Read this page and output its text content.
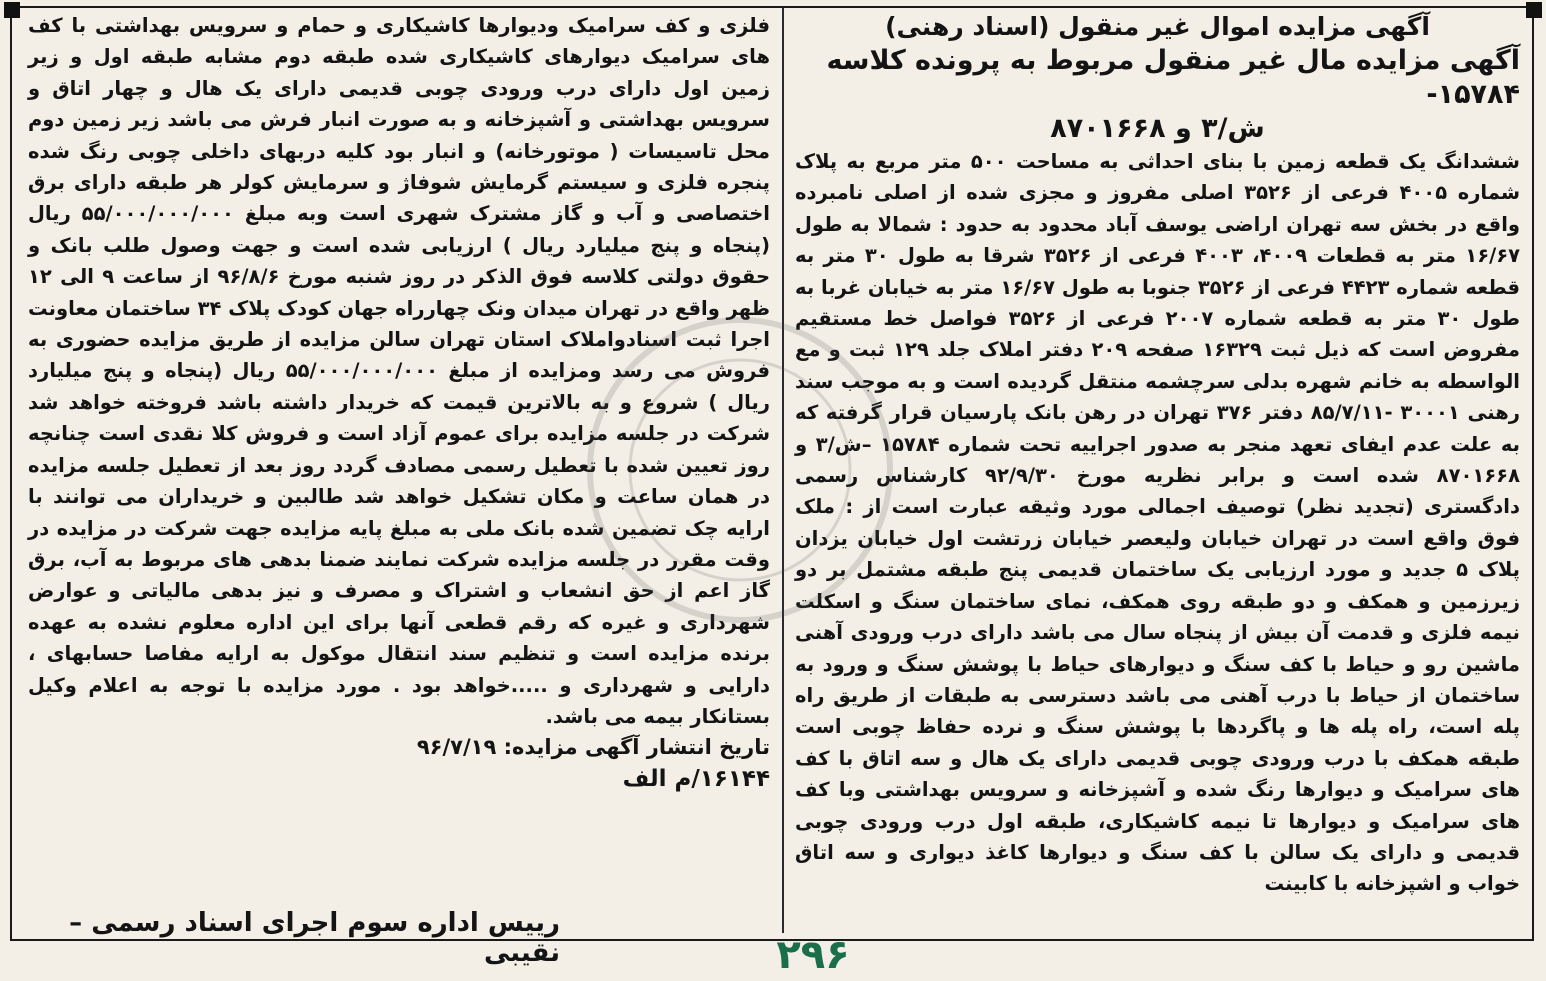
آگهی مزایده اموال غیر منقول (اسناد رهنی)
آگهی مزایده مال غیر منقول مربوط به پرونده کلاسه ۱۵۷۸۴-
ش/۳ و ۸۷۰۱۶۶۸

ششدانگ یک قطعه زمین با بنای احداثی به مساحت ۵۰۰ متر مربع به پلاک شماره ۴۰۰۵ فرعی از ۳۵۲۶ اصلی مفروز و مجزی شده از اصلی نامبرده واقع در بخش سه تهران اراضی یوسف آباد محدود به حدود : شمالا به طول ۱۶/۶۷ متر به قطعات ۴۰۰۹، ۴۰۰۳ فرعی از ۳۵۲۶ شرقا به طول ۳۰ متر به قطعه شماره ۴۴۲۳ فرعی از ۳۵۲۶ جنوبا به طول ۱۶/۶۷ متر به خیابان غربا به طول ۳۰ متر به قطعه شماره ۲۰۰۷ فرعی از ۳۵۲۶ فواصل خط مستقیم مفروض است که ذیل ثبت ۱۶۳۲۹ صفحه ۲۰۹ دفتر املاک جلد ۱۲۹ ثبت و مع الواسطه به خانم شهره بدلی سرچشمه منتقل گردیده است و به موجب سند رهنی ۳۰۰۰۱ -۸۵/۷/۱۱ دفتر ۳۷۶ تهران در رهن بانک پارسیان قرار گرفته که به علت عدم ایفای تعهد منجر به صدور اجراییه تحت شماره ۱۵۷۸۴ –ش/۳ و ۸۷۰۱۶۶۸ شده است و برابر نظریه مورخ ۹۲/۹/۳۰ کارشناس رسمی دادگستری (تجدید نظر) توصیف اجمالی مورد وثیقه عبارت است از : ملک فوق واقع است در تهران خیابان ولیعصر خیابان زرتشت اول خیابان یزدان پلاک ۵ جدید و مورد ارزیابی یک ساختمان قدیمی پنج طبقه مشتمل بر دو زیرزمین و همکف و دو طبقه روی همکف، نمای ساختمان سنگ و اسکلت نیمه فلزی و قدمت آن بیش از پنجاه سال می باشد دارای درب ورودی آهنی ماشین رو و حیاط با کف سنگ و دیوارهای حیاط با پوشش سنگ و ورود به ساختمان از حیاط با درب آهنی می باشد دسترسی به طبقات از طریق راه پله است، راه پله ها و پاگردها با پوشش سنگ و نرده حفاظ چوبی است طبقه همکف با درب ورودی چوبی قدیمی دارای یک هال و سه اتاق با کف های سرامیک و دیوارها رنگ شده و آشپزخانه و سرویس بهداشتی وبا کف های سرامیک و دیوارها تا نیمه کاشیکاری، طبقه اول درب ورودی چوبی قدیمی و دارای یک سالن با کف سنگ و دیوارها کاغذ دیواری و سه اتاق خواب و اشپزخانه با کابینت

فلزی و کف سرامیک ودیوارها کاشیکاری و حمام و سرویس بهداشتی با کف های سرامیک دیوارهای کاشیکاری شده طبقه دوم مشابه طبقه اول و زیر زمین اول دارای درب ورودی چوبی قدیمی دارای یک هال و چهار اتاق و سرویس بهداشتی و آشپزخانه و به صورت انبار فرش می باشد زیر زمین دوم محل تاسیسات ( موتورخانه) و انبار بود کلیه دربهای داخلی چوبی رنگ شده پنجره فلزی و سیستم گرمایش شوفاژ و سرمایش کولر هر طبقه دارای برق اختصاصی و آب و گاز مشترک شهری است وبه مبلغ ۵۵/۰۰۰/۰۰۰/۰۰۰ ریال (پنجاه و پنج میلیارد ریال ) ارزیابی شده است و جهت وصول طلب بانک و حقوق دولتی کلاسه فوق الذکر در روز شنبه مورخ ۹۶/۸/۶ از ساعت ۹ الی ۱۲ ظهر واقع در تهران میدان ونک چهارراه جهان کودک پلاک ۳۴ ساختمان معاونت اجرا ثبت اسنادواملاک استان تهران سالن مزایده از طریق مزایده حضوری به فروش می رسد ومزایده از مبلغ ۵۵/۰۰۰/۰۰۰/۰۰۰ ریال (پنجاه و پنج میلیارد ریال ) شروع و به بالاترین قیمت که خریدار داشته باشد فروخته خواهد شد شرکت در جلسه مزایده برای عموم آزاد است و فروش کلا نقدی است چنانچه روز تعیین شده با تعطیل رسمی مصادف گردد روز بعد از تعطیل جلسه مزایده در همان ساعت و مکان تشکیل خواهد شد طالبین و خریداران می توانند با ارایه چک تضمین شده بانک ملی به مبلغ پایه مزایده جهت شرکت در مزایده در وقت مقرر در جلسه مزایده شرکت نمایند ضمنا بدهی های مربوط به آب، برق گاز اعم از حق انشعاب و اشتراک و مصرف و نیز بدهی مالیاتی و عوارض شهرداری و غیره که رقم قطعی آنها برای این اداره معلوم نشده به عهده برنده مزایده است و تنظیم سند انتقال موکول به ارایه مفاصا حسابهای ، دارایی و شهرداری و .....خواهد بود . مورد مزایده با توجه به اعلام وکیل بستانکار بیمه می باشد.

تاریخ انتشار آگهی مزایده: ۹۶/۷/۱۹
۱۶۱۴۴/م الف
رییس اداره سوم اجرای اسناد رسمی – نقیبی	۲۹۶
